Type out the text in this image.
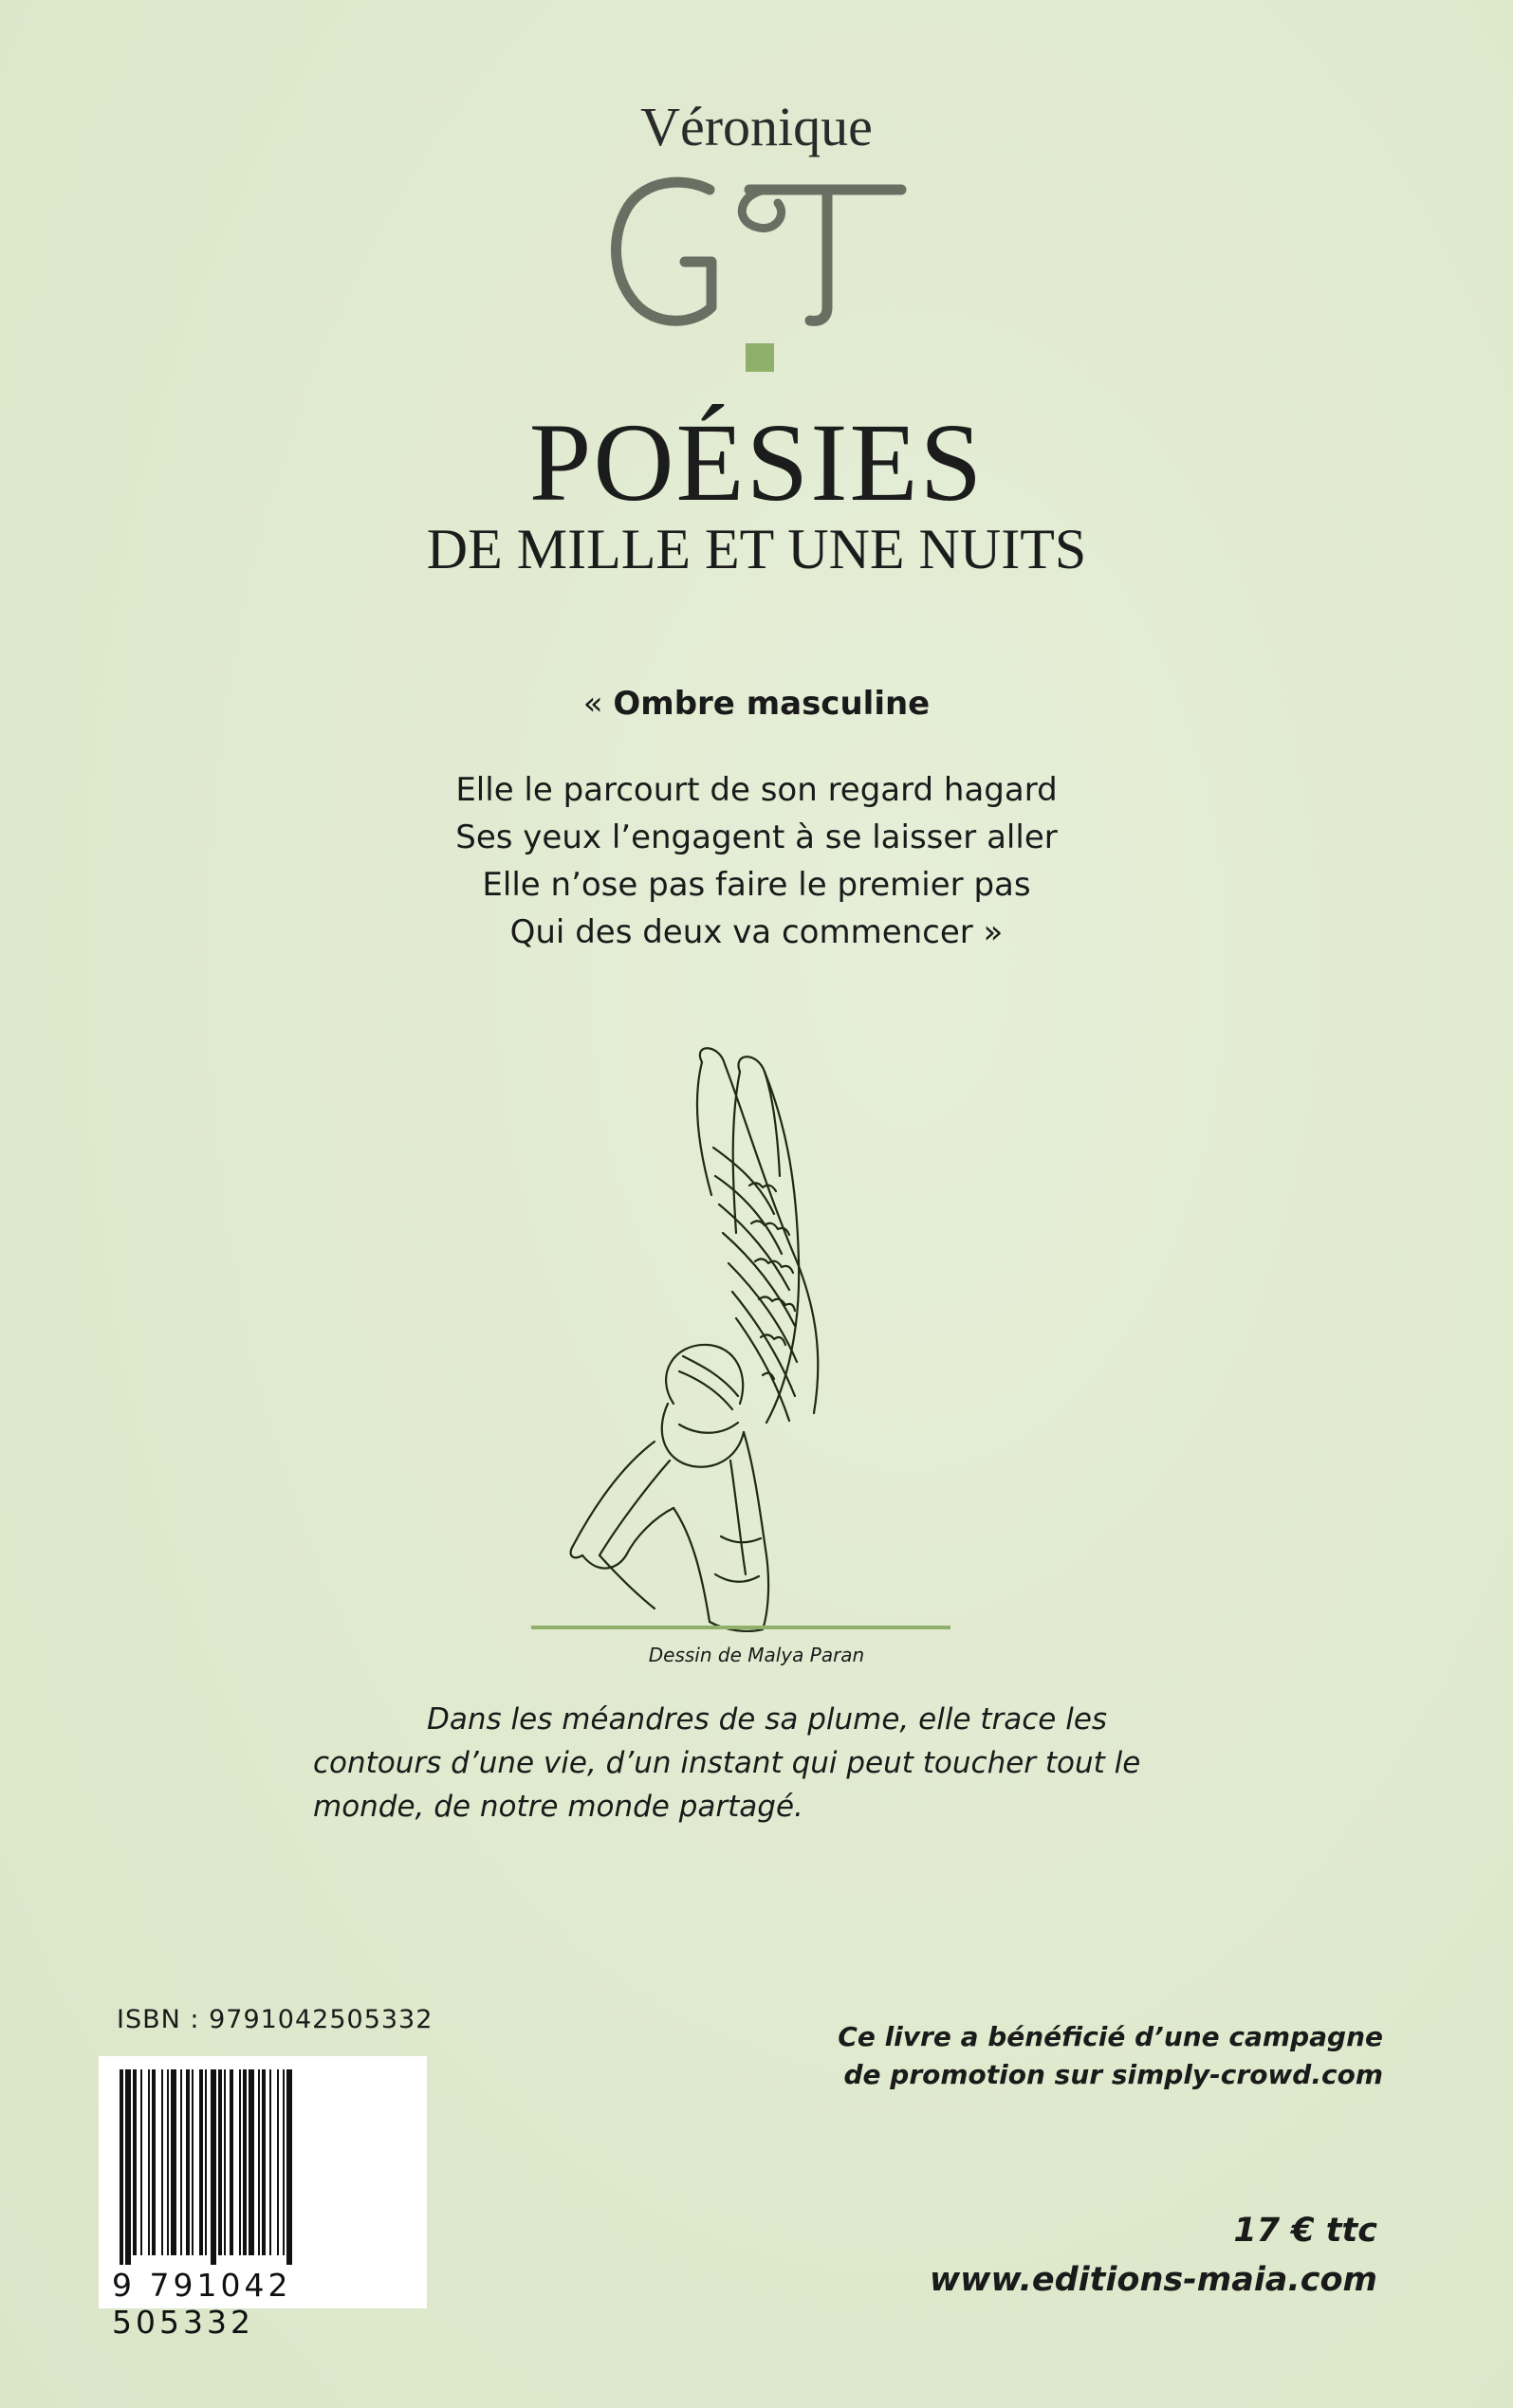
Véronique
POÉSIES
DE MILLE ET UNE NUITS
« Ombre masculine
Elle le parcourt de son regard hagard
Ses yeux l’engagent à se laisser aller
Elle n’ose pas faire le premier pas
Qui des deux va commencer »
Dessin de Malya Paran
Dans les méandres de sa plume, elle trace les contours d’une vie, d’un instant qui peut toucher tout le monde, de notre monde partagé.
ISBN : 9791042505332
9 791042 505332
Ce livre a bénéficié d’une campagne
de promotion sur simply-crowd.com
17 € ttc
www.editions-maia.com
